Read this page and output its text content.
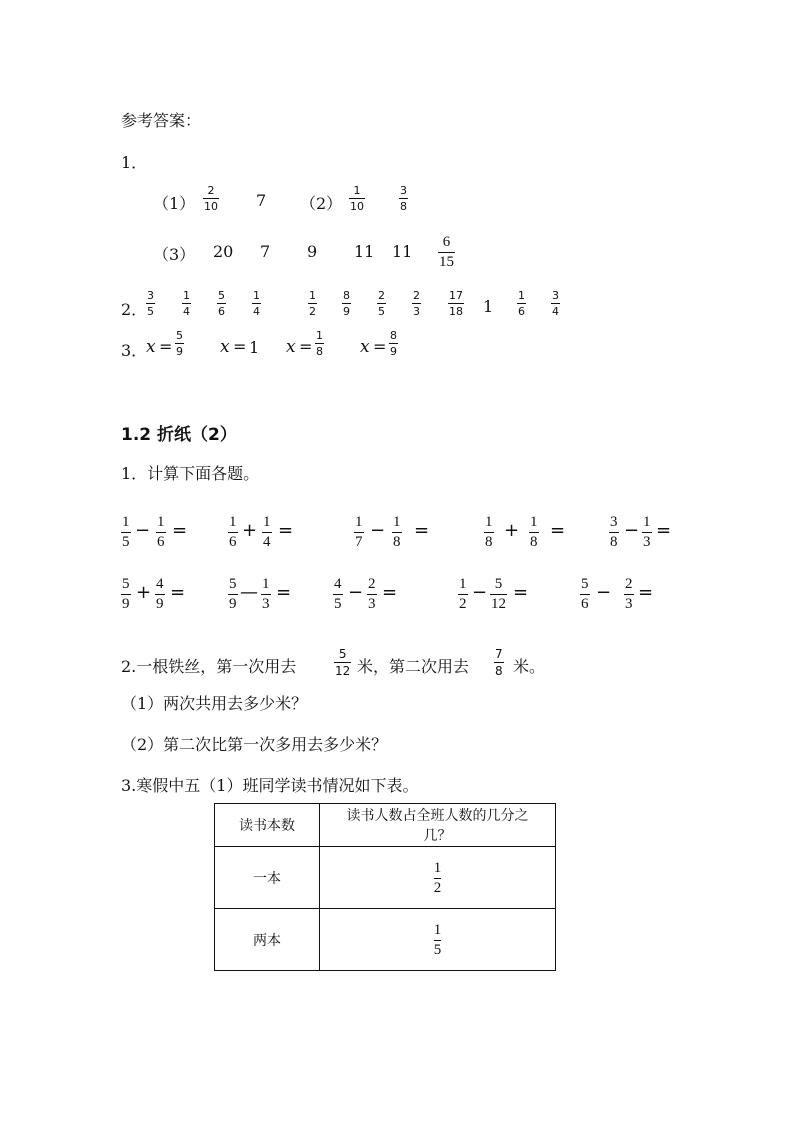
参考答案：
1．
$(1) \frac{2}{10} 7$ $(2) \frac{1}{10}$	$\frac{3}{8}$
（3） 20 7 9 11 $11 \frac{6}{15}$
2．
$\frac{3}{5} \frac{1}{4} \frac{5}{6} \frac{1}{4}$	$\frac{1}{2} \frac{8}{9} \frac{2}{5} \frac{2}{3} \frac{17}{18} 1 \frac{1}{6} \frac{3}{4}$
3．
$x = \frac{5}{9}$ x = 1 $x = \frac{1}{8}$ $x = \frac{8}{9}$
1.2 折纸（2）
1．计算下面各题。
$\frac{1}{5} - \frac{1}{6}$ =	$\frac{1}{6} + \frac{1}{4}$ =	$\frac{1}{7} - \frac{1}{8}$ =	$\frac{1}{8} + \frac{1}{8}$ =	$\frac{3}{8} - \frac{1}{3}$ =
$\frac{5}{9} + \frac{4}{9}$ =	$\frac{5}{9}$ — $\frac{1}{3}$ =	$\frac{4}{5} - \frac{2}{3}$ =	$\frac{1}{2} - \frac{5}{12}$ =	$\frac{5}{6} - \frac{2}{3}$ =
2.一根铁丝，第一次用去	$\frac{5}{12}$ 米，第二次用去 $\frac{7}{8}$ 米。
（1）两次共用去多少米？
（2）第二次比第一次多用去多少米？
3.寒假中五（1）班同学读书情况如下表。
读书本数	读书人数占全班人数的几分之
几？

一本	$\frac{1}{2}$

两本	$\frac{1}{5}$
